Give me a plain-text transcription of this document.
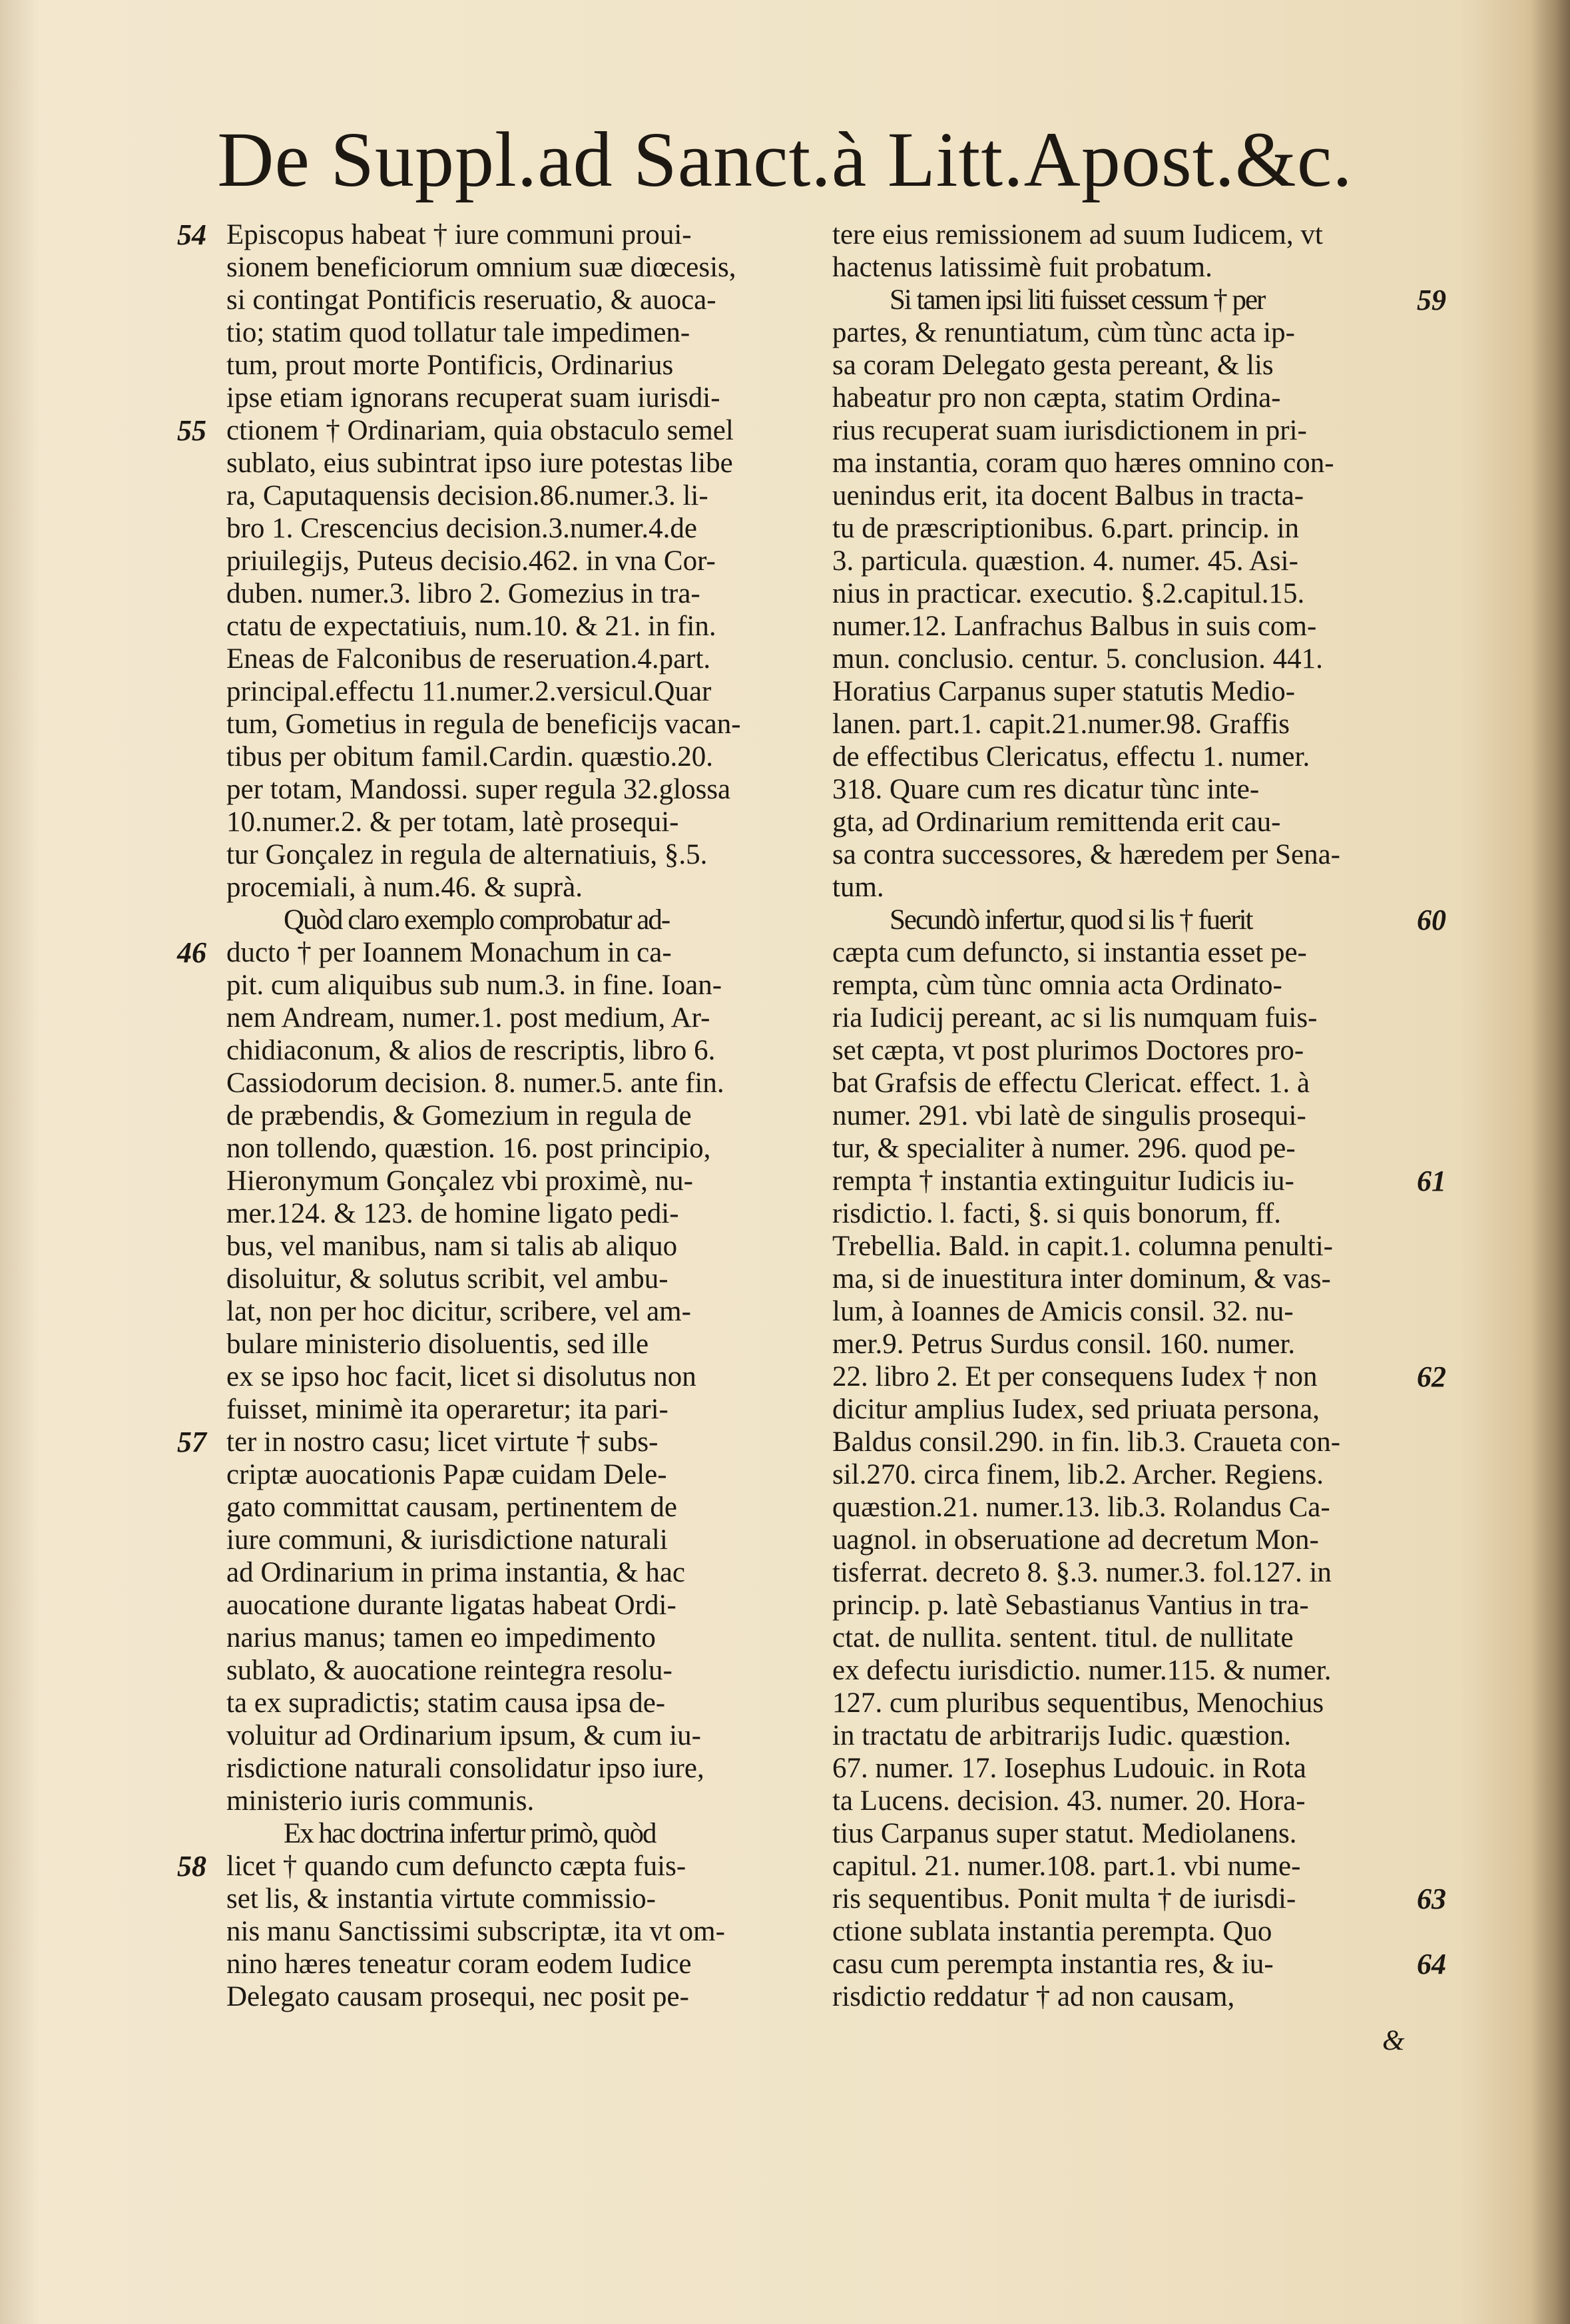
De Suppl.ad Sanct.à Litt.Apost.&c.
Episcopus habeat † iure communi proui-
sionem beneficiorum omnium suæ diœcesis,
si contingat Pontificis reseruatio, & auoca-
tio; statim quod tollatur tale impedimen-
tum, prout morte Pontificis, Ordinarius
ipse etiam ignorans recuperat suam iurisdi-
ctionem † Ordinariam, quia obstaculo semel
sublato, eius subintrat ipso iure potestas libe
ra, Caputaquensis decision.86.numer.3. li-
bro 1. Crescencius decision.3.numer.4.de
priuilegijs, Puteus decisio.462. in vna Cor-
duben. numer.3. libro 2. Gomezius in tra-
ctatu de expectatiuis, num.10. & 21. in fin.
Eneas de Falconibus de reseruation.4.part.
principal.effectu 11.numer.2.versicul.Quar
tum, Gometius in regula de beneficijs vacan-
tibus per obitum famil.Cardin. quæstio.20.
per totam, Mandossi. super regula 32.glossa
10.numer.2. & per totam, latè prosequi-
tur Gonçalez in regula de alternatiuis, §.5.
procemiali, à num.46. & suprà.
Quòd claro exemplo comprobatur ad-
ducto † per Ioannem Monachum in ca-
pit. cum aliquibus sub num.3. in fine. Ioan-
nem Andream, numer.1. post medium, Ar-
chidiaconum, & alios de rescriptis, libro 6.
Cassiodorum decision. 8. numer.5. ante fin.
de præbendis, & Gomezium in regula de
non tollendo, quæstion. 16. post principio,
Hieronymum Gonçalez vbi proximè, nu-
mer.124. & 123. de homine ligato pedi-
bus, vel manibus, nam si talis ab aliquo
disoluitur, & solutus scribit, vel ambu-
lat, non per hoc dicitur, scribere, vel am-
bulare ministerio disoluentis, sed ille
ex se ipso hoc facit, licet si disolutus non
fuisset, minimè ita operaretur; ita pari-
ter in nostro casu; licet virtute † subs-
criptæ auocationis Papæ cuidam Dele-
gato committat causam, pertinentem de
iure communi, & iurisdictione naturali
ad Ordinarium in prima instantia, & hac
auocatione durante ligatas habeat Ordi-
narius manus; tamen eo impedimento
sublato, & auocatione reintegra resolu-
ta ex supradictis; statim causa ipsa de-
voluitur ad Ordinarium ipsum, & cum iu-
risdictione naturali consolidatur ipso iure,
ministerio iuris communis.
Ex hac doctrina infertur primò, quòd
licet † quando cum defuncto cæpta fuis-
set lis, & instantia virtute commissio-
nis manu Sanctissimi subscriptæ, ita vt om-
nino hæres teneatur coram eodem Iudice
Delegato causam prosequi, nec posit pe-
tere eius remissionem ad suum Iudicem, vt
hactenus latissimè fuit probatum.
Si tamen ipsi liti fuisset cessum † per
partes, & renuntiatum, cùm tùnc acta ip-
sa coram Delegato gesta pereant, & lis
habeatur pro non cæpta, statim Ordina-
rius recuperat suam iurisdictionem in pri-
ma instantia, coram quo hæres omnino con-
uenindus erit, ita docent Balbus in tracta-
tu de præscriptionibus. 6.part. princip. in
3. particula. quæstion. 4. numer. 45. Asi-
nius in practicar. executio. §.2.capitul.15.
numer.12. Lanfrachus Balbus in suis com-
mun. conclusio. centur. 5. conclusion. 441.
Horatius Carpanus super statutis Medio-
lanen. part.1. capit.21.numer.98. Graffis
de effectibus Clericatus, effectu 1. numer.
318. Quare cum res dicatur tùnc inte-
gta, ad Ordinarium remittenda erit cau-
sa contra successores, & hæredem per Sena-
tum.
Secundò infertur, quod si lis † fuerit
cæpta cum defuncto, si instantia esset pe-
rempta, cùm tùnc omnia acta Ordinato-
ria Iudicij pereant, ac si lis numquam fuis-
set cæpta, vt post plurimos Doctores pro-
bat Grafsis de effectu Clericat. effect. 1. à
numer. 291. vbi latè de singulis prosequi-
tur, & specialiter à numer. 296. quod pe-
rempta † instantia extinguitur Iudicis iu-
risdictio. l. facti, §. si quis bonorum, ff.
Trebellia. Bald. in capit.1. columna penulti-
ma, si de inuestitura inter dominum, & vas-
lum, à Ioannes de Amicis consil. 32. nu-
mer.9. Petrus Surdus consil. 160. numer.
22. libro 2. Et per consequens Iudex † non
dicitur amplius Iudex, sed priuata persona,
Baldus consil.290. in fin. lib.3. Craueta con-
sil.270. circa finem, lib.2. Archer. Regiens.
quæstion.21. numer.13. lib.3. Rolandus Ca-
uagnol. in obseruatione ad decretum Mon-
tisferrat. decreto 8. §.3. numer.3. fol.127. in
princip. p. latè Sebastianus Vantius in tra-
ctat. de nullita. sentent. titul. de nullitate
ex defectu iurisdictio. numer.115. & numer.
127. cum pluribus sequentibus, Menochius
in tractatu de arbitrarijs Iudic. quæstion.
67. numer. 17. Iosephus Ludouic. in Rota
ta Lucens. decision. 43. numer. 20. Hora-
tius Carpanus super statut. Mediolanens.
capitul. 21. numer.108. part.1. vbi nume-
ris sequentibus. Ponit multa † de iurisdi-
ctione sublata instantia perempta. Quo
casu cum perempta instantia res, & iu-
risdictio reddatur † ad non causam,
54
55
46
57
58
59
60
61
62
63
64
&
